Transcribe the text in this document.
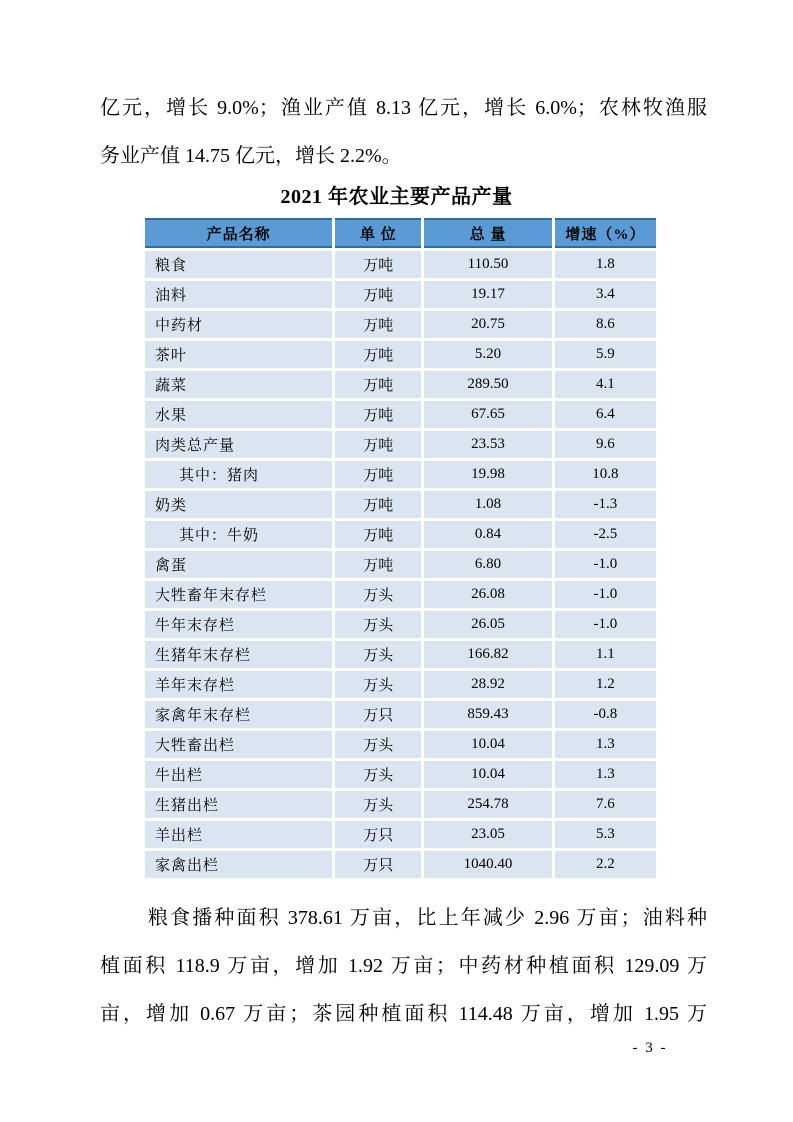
亿元，增长 9.0%；渔业产值 8.13 亿元，增长 6.0%；农林牧渔服
务业产值 14.75 亿元，增长 2.2%。
2021 年农业主要产品产量
产品名称	单 位	总 量	增速（%）
粮食	万吨	110.50	1.8
油料	万吨	19.17	3.4
中药材	万吨	20.75	8.6
茶叶	万吨	5.20	5.9
蔬菜	万吨	289.50	4.1
水果	万吨	67.65	6.4
肉类总产量	万吨	23.53	9.6
其中：猪肉	万吨	19.98	10.8
奶类	万吨	1.08	-1.3
其中：牛奶	万吨	0.84	-2.5
禽蛋	万吨	6.80	-1.0
大牲畜年末存栏	万头	26.08	-1.0
牛年末存栏	万头	26.05	-1.0
生猪年末存栏	万头	166.82	1.1
羊年末存栏	万头	28.92	1.2
家禽年末存栏	万只	859.43	-0.8
大牲畜出栏	万头	10.04	1.3
牛出栏	万头	10.04	1.3
生猪出栏	万头	254.78	7.6
羊出栏	万只	23.05	5.3
家禽出栏	万只	1040.40	2.2
粮食播种面积 378.61 万亩，比上年减少 2.96 万亩；油料种
植面积 118.9 万亩，增加 1.92 万亩；中药材种植面积 129.09 万
亩，增加 0.67 万亩；茶园种植面积 114.48 万亩，增加 1.95 万
- 3 -
